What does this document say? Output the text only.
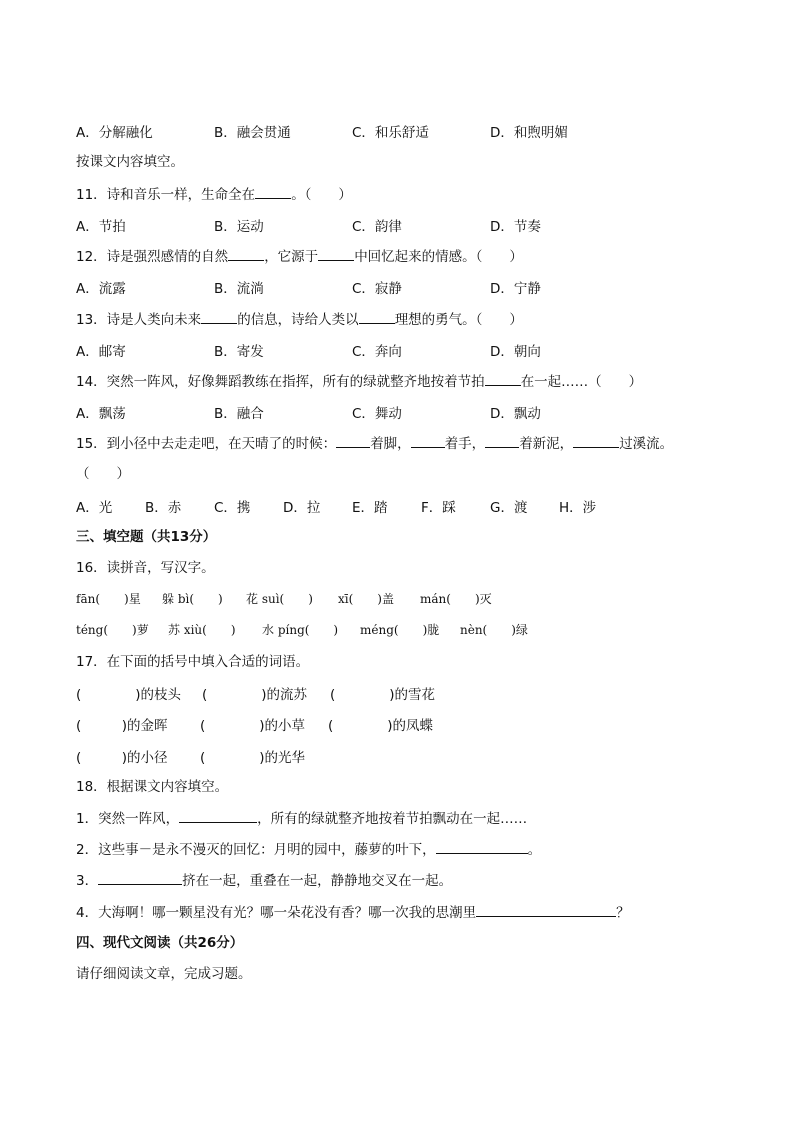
A．分解融化	B．融会贯通	C．和乐舒适	D．和煦明媚
按课文内容填空。
11．诗和音乐一样，生命全在	。（　　）
A．节拍	B．运动	C．韵律	D．节奏
12．诗是强烈感情的自然	，它源于	中回忆起来的情感。（　　）
A．流露	B．流淌	C．寂静	D．宁静
13．诗是人类向未来	的信息，诗给人类以	理想的勇气。（　　）
A．邮寄	B．寄发	C．奔向	D．朝向
14．突然一阵风，好像舞蹈教练在指挥，所有的绿就整齐地按着节拍	在一起……（　　）
A．飘荡	B．融合	C．舞动	D．飘动
15．到小径中去走走吧，在天晴了的时候：	着脚，	着手，	着新泥，	过溪流。
（　　）
A．光 B．赤 C．携 D．拉 E．踏 F．踩	G．渡 H．涉
三、填空题（共13分）
16．读拼音，写汉字。
fān(　　)星 躲 bì(　　) 花 suì(　　) xī(　　)盖 mán(　　)灭
téng(　　)萝 苏 xiù(　　) 水 píng(　　) méng(　　)胧 nèn(　　)绿
17．在下面的括号中填入合适的词语。
(　　　　)的枝头 (　　　　)的流苏 (　　　　)的雪花
(　　　)的金晖 (　　　　)的小草 (　　　　)的凤蝶
(　　　)的小径 (　　　　)的光华
18．根据课文内容填空。
1．突然一阵风，	，所有的绿就整齐地按着节拍飘动在一起……
2．这些事－是永不漫灭的回忆：月明的园中，藤萝的叶下，	。
3．	挤在一起，重叠在一起，静静地交叉在一起。
4．大海啊！哪一颗星没有光？哪一朵花没有香？哪一次我的思潮里	？
四、现代文阅读（共26分）
请仔细阅读文章，完成习题。
